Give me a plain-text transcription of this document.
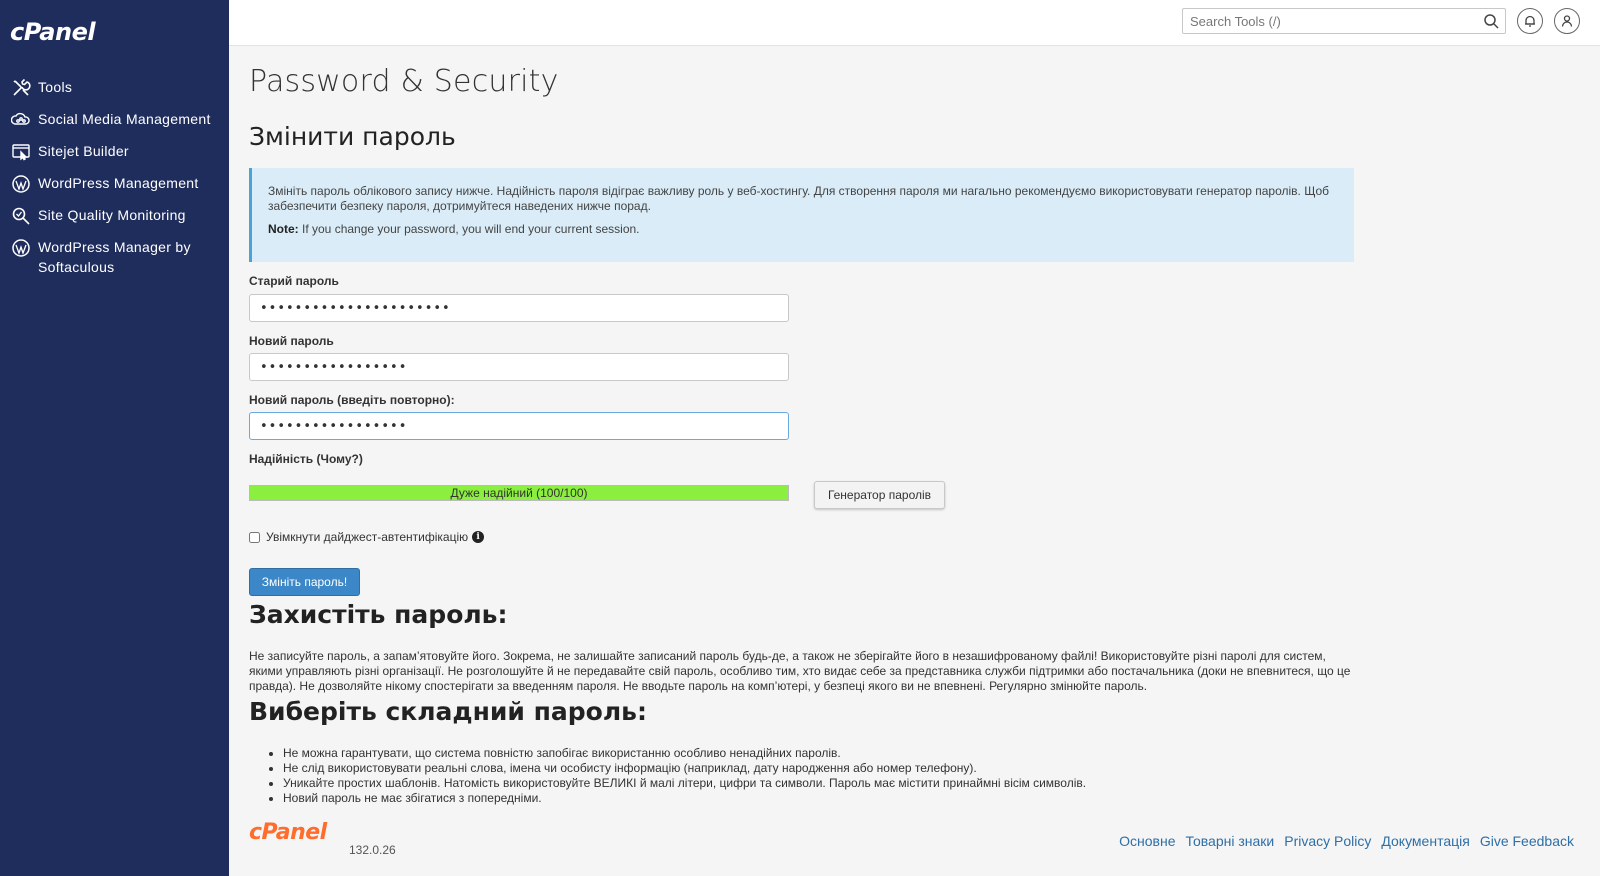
cPanel
Tools
Social Media Management
Sitejet Builder
WordPress Management
Site Quality Monitoring
WordPress Manager by Softaculous
Search Tools (/)
Password & Security
Змінити пароль
Змініть пароль облікового запису нижче. Надійність пароля відіграє важливу роль у веб-хостингу. Для створення пароля ми нагально рекомендуємо використовувати генератор паролів. Щоб забезпечити безпеку пароля, дотримуйтеся наведених нижче порад.
Note: If you change your password, you will end your current session.
Старий пароль
••••••••••••••••••••••
Новий пароль
•••••••••••••••••
Новий пароль (введіть повторно):
•••••••••••••••••
Надійність (Чому?)
Дуже надійний (100/100)	Генератор паролів
Увімкнути дайджест-автентифікацію i
Змініть пароль!
Захистіть пароль:

Не записуйте пароль, а запам’ятовуйте його. Зокрема, не залишайте записаний пароль будь-де, а також не зберігайте його в незашифрованому файлі! Використовуйте різні паролі для систем, якими управляють різні організації. Не розголошуйте й не передавайте свій пароль, особливо тим, хто видає себе за представника служби підтримки або постачальника (доки не впевнитеся, що це правда). Не дозволяйте нікому спостерігати за введенням пароля. Не вводьте пароль на комп’ютері, у безпеці якого ви не впевнені. Регулярно змінюйте пароль.

Виберіть складний пароль:
• Не можна гарантувати, що система повністю запобігає використанню особливо ненадійних паролів.
• Не слід використовувати реальні слова, імена чи особисту інформацію (наприклад, дату народження або номер телефону).
• Уникайте простих шаблонів. Натомість використовуйте ВЕЛИКІ й малі літери, цифри та символи. Пароль має містити принаймні вісім символів.
• Новий пароль не має збігатися з попередніми.
cPanel
132.0.26
Основне Товарні знаки Privacy Policy Документація Give Feedback
